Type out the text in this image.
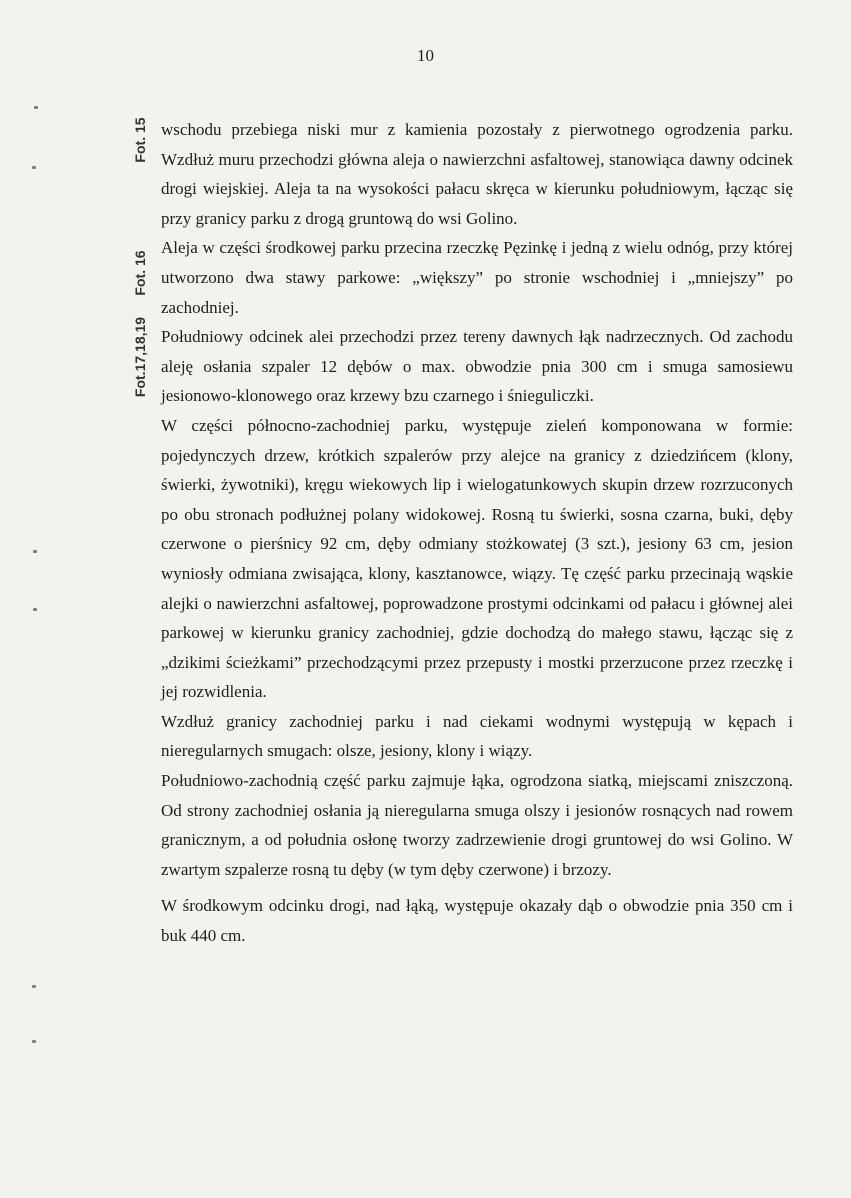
10
Fot. 15
Fot. 16
Fot.17,18,19

wschodu przebiega niski mur z kamienia pozostały z pierwotnego ogrodzenia parku. Wzdłuż muru przechodzi główna aleja o nawierzchni asfaltowej, stanowiąca dawny odcinek drogi wiejskiej. Aleja ta na wysokości pałacu skręca w kierunku południowym, łącząc się przy granicy parku z drogą gruntową do wsi Golino.

Aleja w części środkowej parku przecina rzeczkę Pęzinkę i jedną z wielu odnóg, przy której utworzono dwa stawy parkowe: „większy” po stronie wschodniej i „mniejszy” po zachodniej.

Południowy odcinek alei przechodzi przez tereny dawnych łąk nadrzecznych. Od zachodu aleję osłania szpaler 12 dębów o max. obwodzie pnia 300 cm i smuga samosiewu jesionowo-klonowego oraz krzewy bzu czarnego i śnieguliczki.

W części północno-zachodniej parku, występuje zieleń komponowana w formie: pojedynczych drzew, krótkich szpalerów przy alejce na granicy z dziedzińcem (klony, świerki, żywotniki), kręgu wiekowych lip i wielogatunkowych skupin drzew rozrzuconych po obu stronach podłużnej polany widokowej. Rosną tu świerki, sosna czarna, buki, dęby czerwone o pierśnicy 92 cm, dęby odmiany stożkowatej (3 szt.), jesiony 63 cm, jesion wyniosły odmiana zwisająca, klony, kasztanowce, wiązy. Tę część parku przecinają wąskie alejki o nawierzchni asfaltowej, poprowadzone prostymi odcinkami od pałacu i głównej alei parkowej w kierunku granicy zachodniej, gdzie dochodzą do małego stawu, łącząc się z „dzikimi ścieżkami” przechodzącymi przez przepusty i mostki przerzucone przez rzeczkę i jej rozwidlenia.

Wzdłuż granicy zachodniej parku i nad ciekami wodnymi występują w kępach i nieregularnych smugach: olsze, jesiony, klony i wiązy.

Południowo-zachodnią część parku zajmuje łąka, ogrodzona siatką, miejscami zniszczoną. Od strony zachodniej osłania ją nieregularna smuga olszy i jesionów rosnących nad rowem granicznym, a od południa osłonę tworzy zadrzewienie drogi gruntowej do wsi Golino. W zwartym szpalerze rosną tu dęby (w tym dęby czerwone) i brzozy.

W środkowym odcinku drogi, nad łąką, występuje okazały dąb o obwodzie pnia 350 cm i buk 440 cm.
